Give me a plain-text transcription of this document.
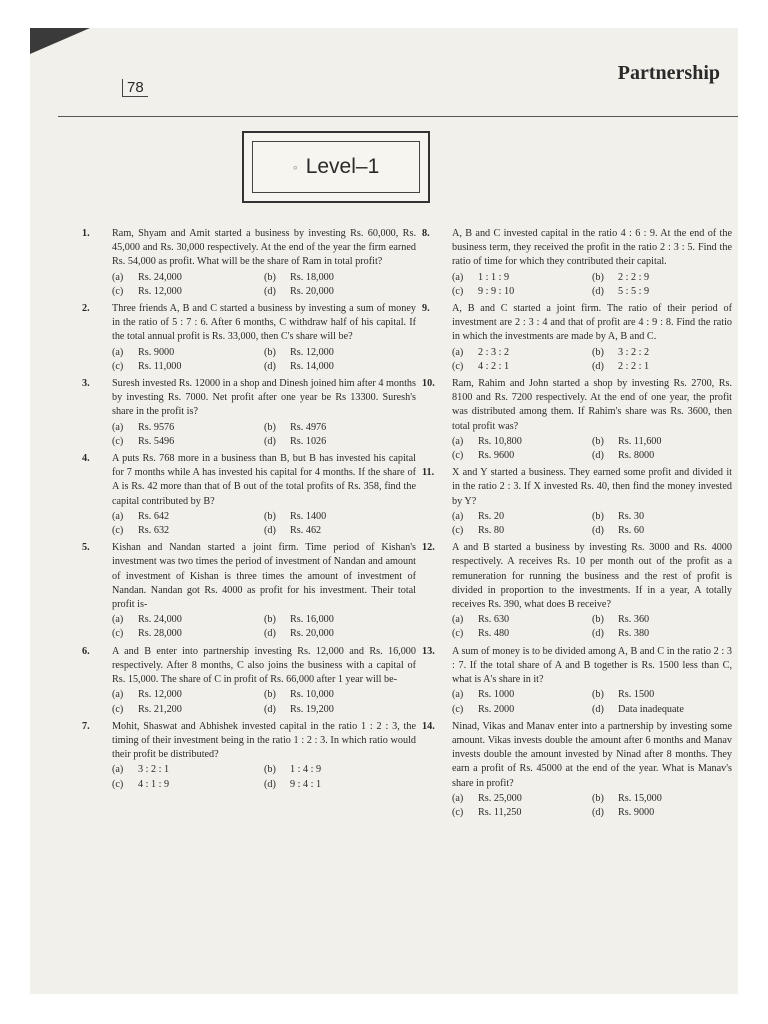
78
Partnership
◦ Level–1
1. Ram, Shyam and Amit started a business by investing Rs. 60,000, Rs. 45,000 and Rs. 30,000 respectively. At the end of the year the firm earned Rs. 54,000 as profit. What will be the share of Ram in total profit?
(a) Rs. 24,000	(b) Rs. 18,000
(c) Rs. 12,000	(d) Rs. 20,000
2. Three friends A, B and C started a business by investing a sum of money in the ratio of 5 : 7 : 6. After 6 months, C withdraw half of his capital. If the total annual profit is Rs. 33,000, then C's share will be?
(a) Rs. 9000	(b) Rs. 12,000
(c) Rs. 11,000	(d) Rs. 14,000
3. Suresh invested Rs. 12000 in a shop and Dinesh joined him after 4 months by investing Rs. 7000. Net profit after one year be Rs 13300. Suresh's share in the profit is?
(a) Rs. 9576	(b) Rs. 4976
(c) Rs. 5496	(d) Rs. 1026
4. A puts Rs. 768 more in a business than B, but B has invested his capital for 7 months while A has invested his capital for 4 months. If the share of A is Rs. 42 more than that of B out of the total profits of Rs. 358, find the capital contributed by B?
(a) Rs. 642	(b) Rs. 1400
(c) Rs. 632	(d) Rs. 462
5. Kishan and Nandan started a joint firm. Time period of Kishan's investment was two times the period of investment of Nandan and amount of investment of Kishan is three times the amount of investment of Nandan. Nandan got Rs. 4000 as profit for his investment. Their total profit is-
(a) Rs. 24,000	(b) Rs. 16,000
(c) Rs. 28,000	(d) Rs. 20,000
6. A and B enter into partnership investing Rs. 12,000 and Rs. 16,000 respectively. After 8 months, C also joins the business with a capital of Rs. 15,000. The share of C in profit of Rs. 66,000 after 1 year will be-
(a) Rs. 12,000	(b) Rs. 10,000
(c) Rs. 21,200	(d) Rs. 19,200
7. Mohit, Shaswat and Abhishek invested capital in the ratio 1 : 2 : 3, the timing of their investment being in the ratio 1 : 2 : 3. In which ratio would their profit be distributed?
(a) 3 : 2 : 1	(b) 1 : 4 : 9
(c) 4 : 1 : 9	(d) 9 : 4 : 1
8. A, B and C invested capital in the ratio 4 : 6 : 9. At the end of the business term, they received the profit in the ratio 2 : 3 : 5. Find the ratio of time for which they contributed their capital.
(a) 1 : 1 : 9	(b) 2 : 2 : 9
(c) 9 : 9 : 10	(d) 5 : 5 : 9
9. A, B and C started a joint firm. The ratio of their period of investment are 2 : 3 : 4 and that of profit are 4 : 9 : 8. Find the ratio in which the investments are made by A, B and C.
(a) 2 : 3 : 2	(b) 3 : 2 : 2
(c) 4 : 2 : 1	(d) 2 : 2 : 1
10. Ram, Rahim and John started a shop by investing Rs. 2700, Rs. 8100 and Rs. 7200 respectively. At the end of one year, the profit was distributed among them. If Rahim's share was Rs. 3600, then total profit was?
(a) Rs. 10,800	(b) Rs. 11,600
(c) Rs. 9600	(d) Rs. 8000
11. X and Y started a business. They earned some profit and divided it in the ratio 2 : 3. If X invested Rs. 40, then find the money invested by Y?
(a) Rs. 20	(b) Rs. 30
(c) Rs. 80	(d) Rs. 60
12. A and B started a business by investing Rs. 3000 and Rs. 4000 respectively. A receives Rs. 10 per month out of the profit as a remuneration for running the business and the rest of profit is divided in proportion to the investments. If in a year, A totally receives Rs. 390, what does B receive?
(a) Rs. 630	(b) Rs. 360
(c) Rs. 480	(d) Rs. 380
13. A sum of money is to be divided among A, B and C in the ratio 2 : 3 : 7. If the total share of A and B together is Rs. 1500 less than C, what is A's share in it?
(a) Rs. 1000	(b) Rs. 1500
(c) Rs. 2000	(d) Data inadequate
14. Ninad, Vikas and Manav enter into a partnership by investing some amount. Vikas invests double the amount after 6 months and Manav invests double the amount invested by Ninad after 8 months. They earn a profit of Rs. 45000 at the end of the year. What is Manav's share in profit?
(a) Rs. 25,000	(b) Rs. 15,000
(c) Rs. 11,250	(d) Rs. 9000
